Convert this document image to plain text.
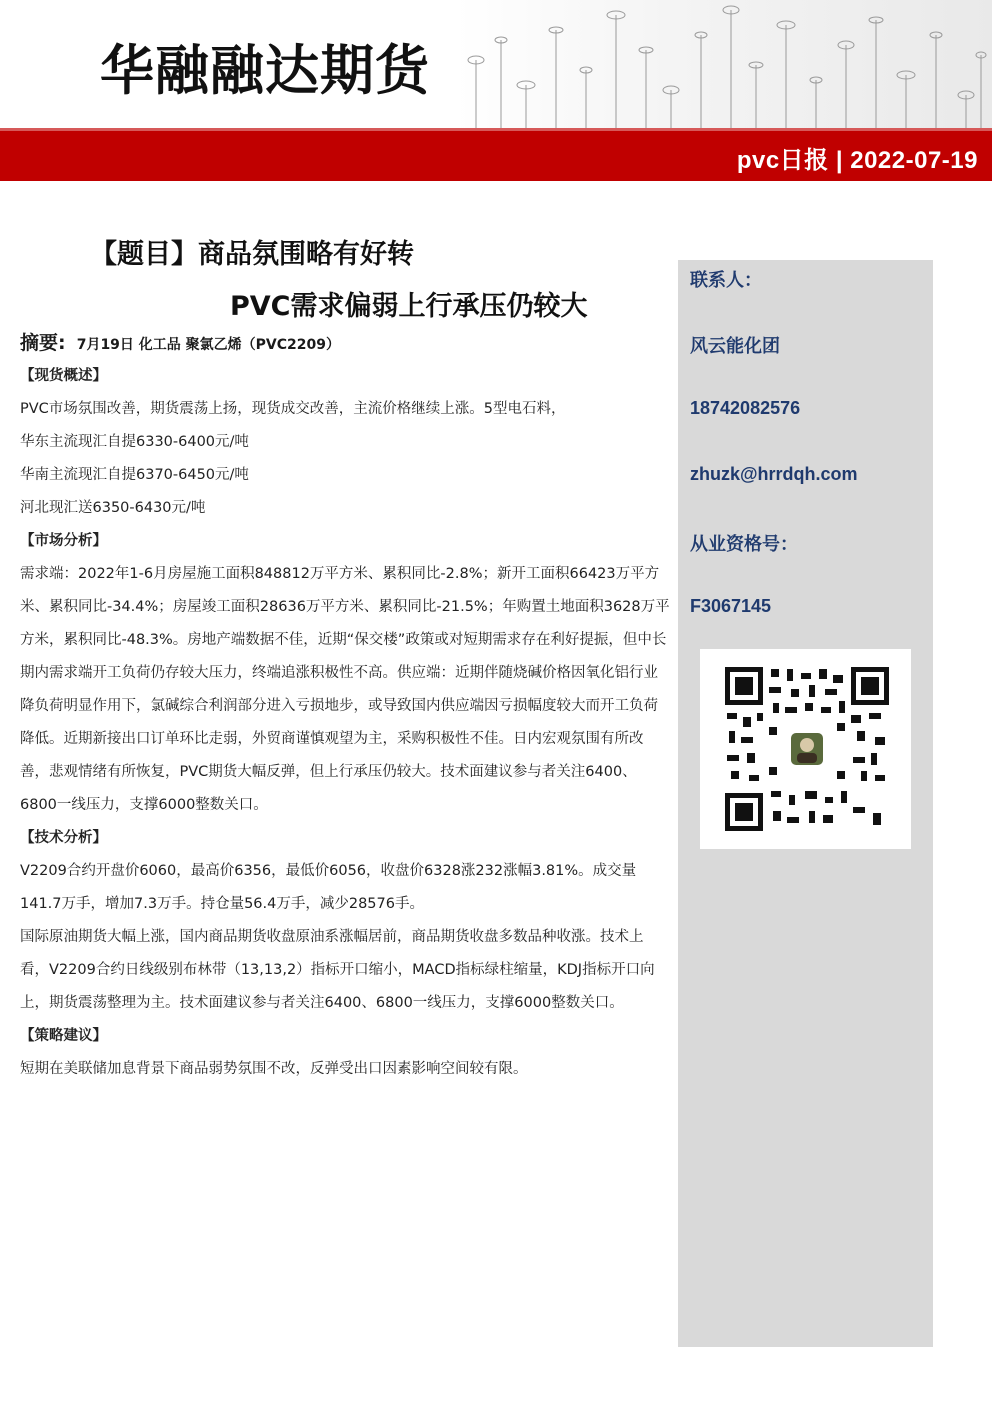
华融融达期货
pvc日报 | 2022-07-19
【题目】商品氛围略有好转
PVC需求偏弱上行承压仍较大
摘要: 7月19日 化工品 聚氯乙烯（PVC2209）
【现货概述】

PVC市场氛围改善，期货震荡上扬，现货成交改善，主流价格继续上涨。5型电石料，

华东主流现汇自提6330-6400元/吨

华南主流现汇自提6370-6450元/吨

河北现汇送6350-6430元/吨

【市场分析】

需求端：2022年1-6月房屋施工面积848812万平方米、累积同比-2.8%；新开工面积66423万平方米、累积同比-34.4%；房屋竣工面积28636万平方米、累积同比-21.5%；年购置土地面积3628万平方米，累积同比-48.3%。房地产端数据不佳，近期“保交楼”政策或对短期需求存在利好提振，但中长期内需求端开工负荷仍存较大压力，终端追涨积极性不高。供应端：近期伴随烧碱价格因氧化铝行业降负荷明显作用下，氯碱综合利润部分进入亏损地步，或导致国内供应端因亏损幅度较大而开工负荷降低。近期新接出口订单环比走弱，外贸商谨慎观望为主，采购积极性不佳。日内宏观氛围有所改善，悲观情绪有所恢复，PVC期货大幅反弹，但上行承压仍较大。技术面建议参与者关注6400、6800一线压力，支撑6000整数关口。

【技术分析】

V2209合约开盘价6060，最高价6356，最低价6056，收盘价6328涨232涨幅3.81%。成交量141.7万手，增加7.3万手。持仓量56.4万手，减少28576手。

国际原油期货大幅上涨，国内商品期货收盘原油系涨幅居前，商品期货收盘多数品种收涨。技术上看，V2209合约日线级别布林带（13,13,2）指标开口缩小，MACD指标绿柱缩量，KDJ指标开口向上，期货震荡整理为主。技术面建议参与者关注6400、6800一线压力，支撑6000整数关口。

【策略建议】

短期在美联储加息背景下商品弱势氛围不改，反弹受出口因素影响空间较有限。

联系人：
风云能化团
18742082576
zhuzk@hrrdqh.com
从业资格号：
F3067145
